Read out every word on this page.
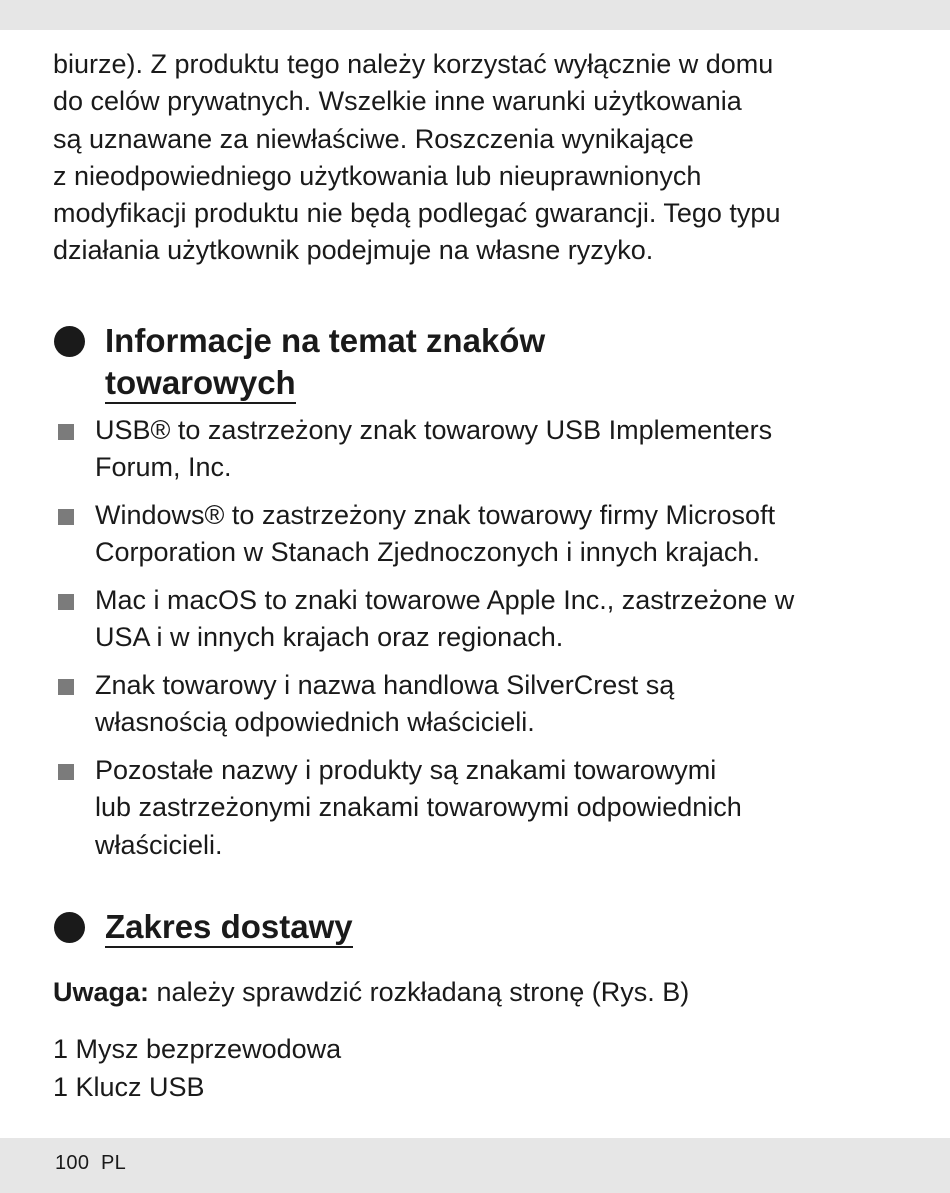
biurze). Z produktu tego należy korzystać wyłącznie w domu

do celów prywatnych. Wszelkie inne warunki użytkowania

są uznawane za niewłaściwe. Roszczenia wynikające

z nieodpowiedniego użytkowania lub nieuprawnionych

modyfikacji produktu nie będą podlegać gwarancji. Tego typu

działania użytkownik podejmuje na własne ryzyko.

Informacje na temat znaków
towarowych
USB® to zastrzeżony znak towarowy USB Implementers
Forum, Inc.
Windows® to zastrzeżony znak towarowy firmy Microsoft
Corporation w Stanach Zjednoczonych i innych krajach.
Mac i macOS to znaki towarowe Apple Inc., zastrzeżone w
USA i w innych krajach oraz regionach.
Znak towarowy i nazwa handlowa SilverCrest są
własnością odpowiednich właścicieli.
Pozostałe nazwy i produkty są znakami towarowymi
lub zastrzeżonymi znakami towarowymi odpowiednich
właścicieli.
Zakres dostawy
Uwaga: należy sprawdzić rozkładaną stronę (Rys. B)
1 Mysz bezprzewodowa
1 Klucz USB
100 PL
